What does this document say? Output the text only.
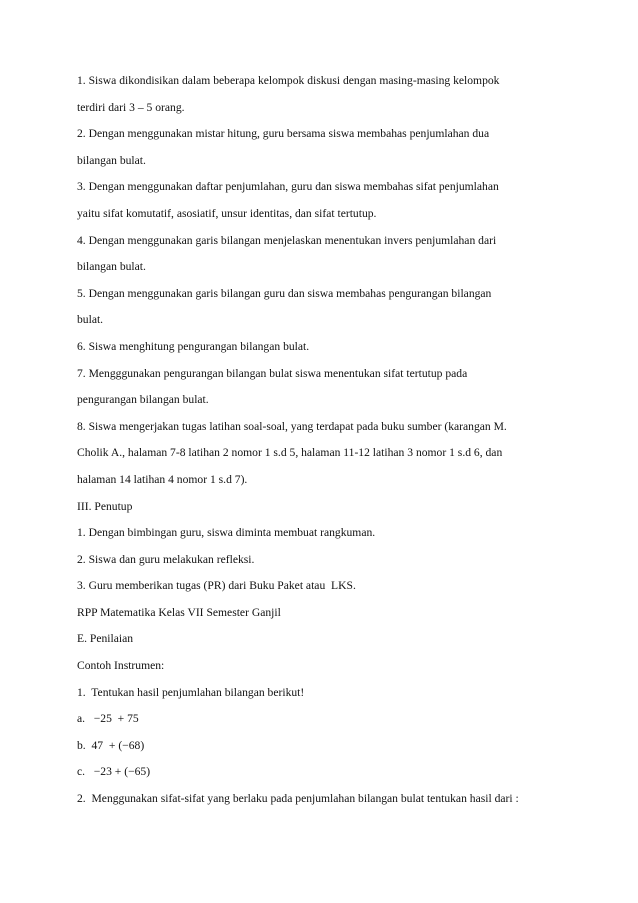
1. Siswa dikondisikan dalam beberapa kelompok diskusi dengan masing-masing kelompok

terdiri dari 3 – 5 orang.

2. Dengan menggunakan mistar hitung, guru bersama siswa membahas penjumlahan dua

bilangan bulat.

3. Dengan menggunakan daftar penjumlahan, guru dan siswa membahas sifat penjumlahan

yaitu sifat komutatif, asosiatif, unsur identitas, dan sifat tertutup.

4. Dengan menggunakan garis bilangan menjelaskan menentukan invers penjumlahan dari

bilangan bulat.

5. Dengan menggunakan garis bilangan guru dan siswa membahas pengurangan bilangan

bulat.

6. Siswa menghitung pengurangan bilangan bulat.

7. Mengggunakan pengurangan bilangan bulat siswa menentukan sifat tertutup pada

pengurangan bilangan bulat.

8. Siswa mengerjakan tugas latihan soal-soal, yang terdapat pada buku sumber (karangan M.

Cholik A., halaman 7-8 latihan 2 nomor 1 s.d 5, halaman 11-12 latihan 3 nomor 1 s.d 6, dan

halaman 14 latihan 4 nomor 1 s.d 7).

III. Penutup

1. Dengan bimbingan guru, siswa diminta membuat rangkuman.

2. Siswa dan guru melakukan refleksi.

3. Guru memberikan tugas (PR) dari Buku Paket atau  LKS.

RPP Matematika Kelas VII Semester Ganjil

E. Penilaian

Contoh Instrumen:

1.  Tentukan hasil penjumlahan bilangan berikut!

a.   −25  + 75

b.  47  + (−68)

c.   −23 + (−65)

2.  Menggunakan sifat-sifat yang berlaku pada penjumlahan bilangan bulat tentukan hasil dari :
